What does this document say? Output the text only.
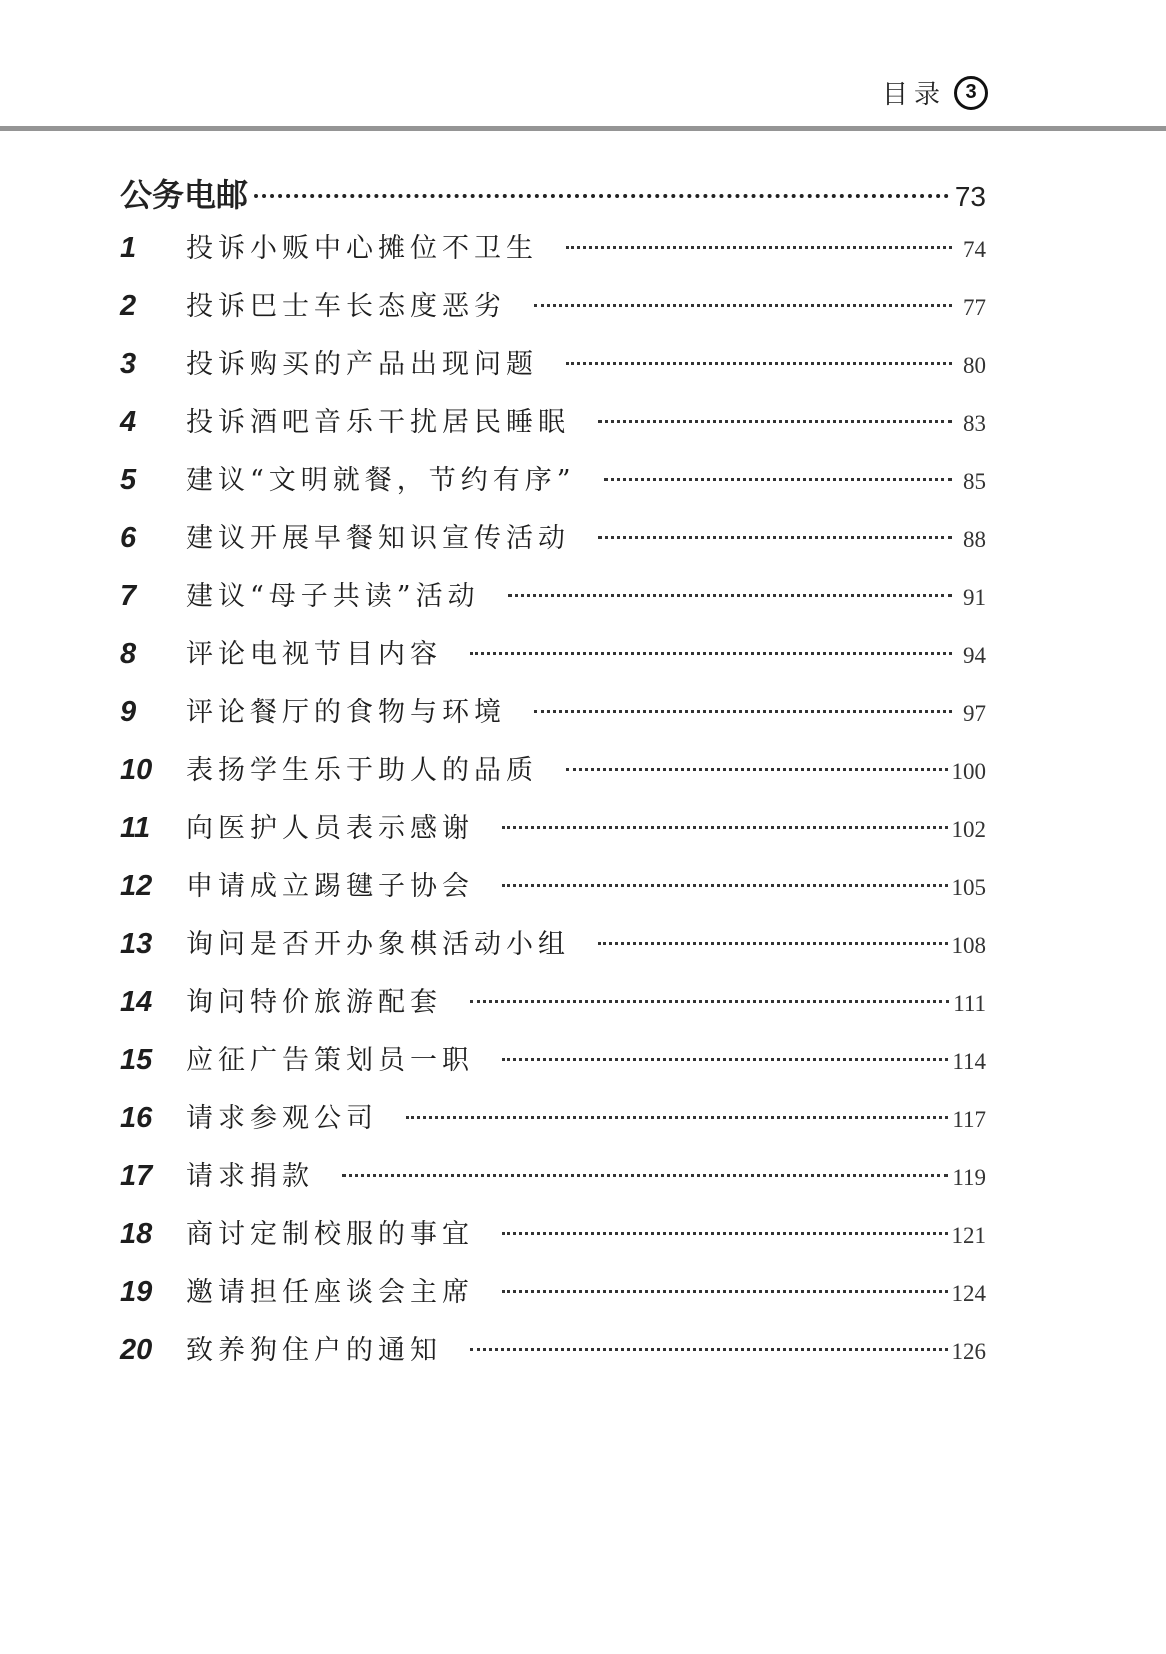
目录 3
公务电邮	73
1	投诉小贩中心摊位不卫生	74
2	投诉巴士车长态度恶劣	77
3	投诉购买的产品出现问题	80
4	投诉酒吧音乐干扰居民睡眠	83
5	建议“文明就餐，节约有序”	85
6	建议开展早餐知识宣传活动	88
7	建议“母子共读”活动	91
8	评论电视节目内容	94
9	评论餐厅的食物与环境	97
10	表扬学生乐于助人的品质	100
11	向医护人员表示感谢	102
12	申请成立踢毽子协会	105
13	询问是否开办象棋活动小组	108
14	询问特价旅游配套	111
15	应征广告策划员一职	114
16	请求参观公司	117
17	请求捐款	119
18	商讨定制校服的事宜	121
19	邀请担任座谈会主席	124
20	致养狗住户的通知	126
